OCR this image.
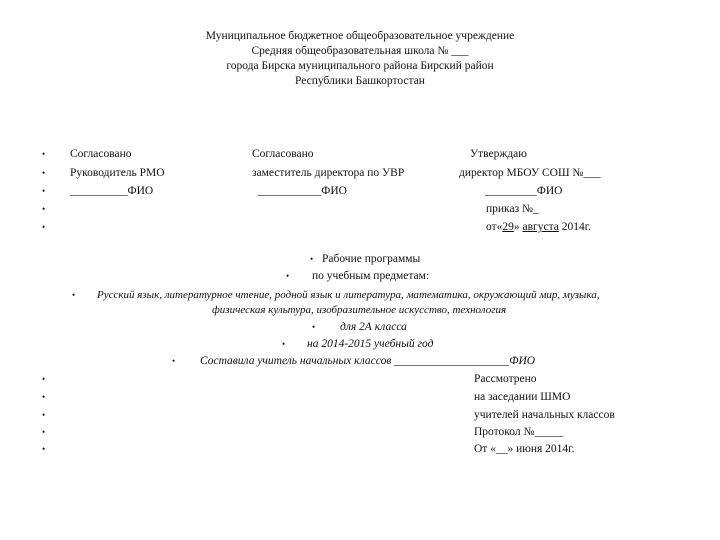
Муниципальное бюджетное общеобразовательное учреждение
Средняя общеобразовательная школа № ___
города Бирска муниципального района Бирский район
Республики Башкортостан
•
•
•
•
•
Согласовано
Руководитель РМО
__________ФИО
Согласовано
заместитель директора по УВР
___________ФИО
Утверждаю
директор МБОУ СОШ №___
_________ФИО
приказ №_
от«29» августа 2014г.
• Рабочие программы
• по учебным предметам:
• Русский язык, литературное чтение, родной язык и литература, математика, окружающий мир, музыка,
физическая культура, изобразительное искусство, технология
• для 2А класса
• на 2014-2015 учебный год
• Составила учитель начальных классов ____________________ФИО
•
•
•
•
•
Рассмотрено
на заседании ШМО
учителей начальных классов
Протокол №_____
От «__» июня 2014г.
